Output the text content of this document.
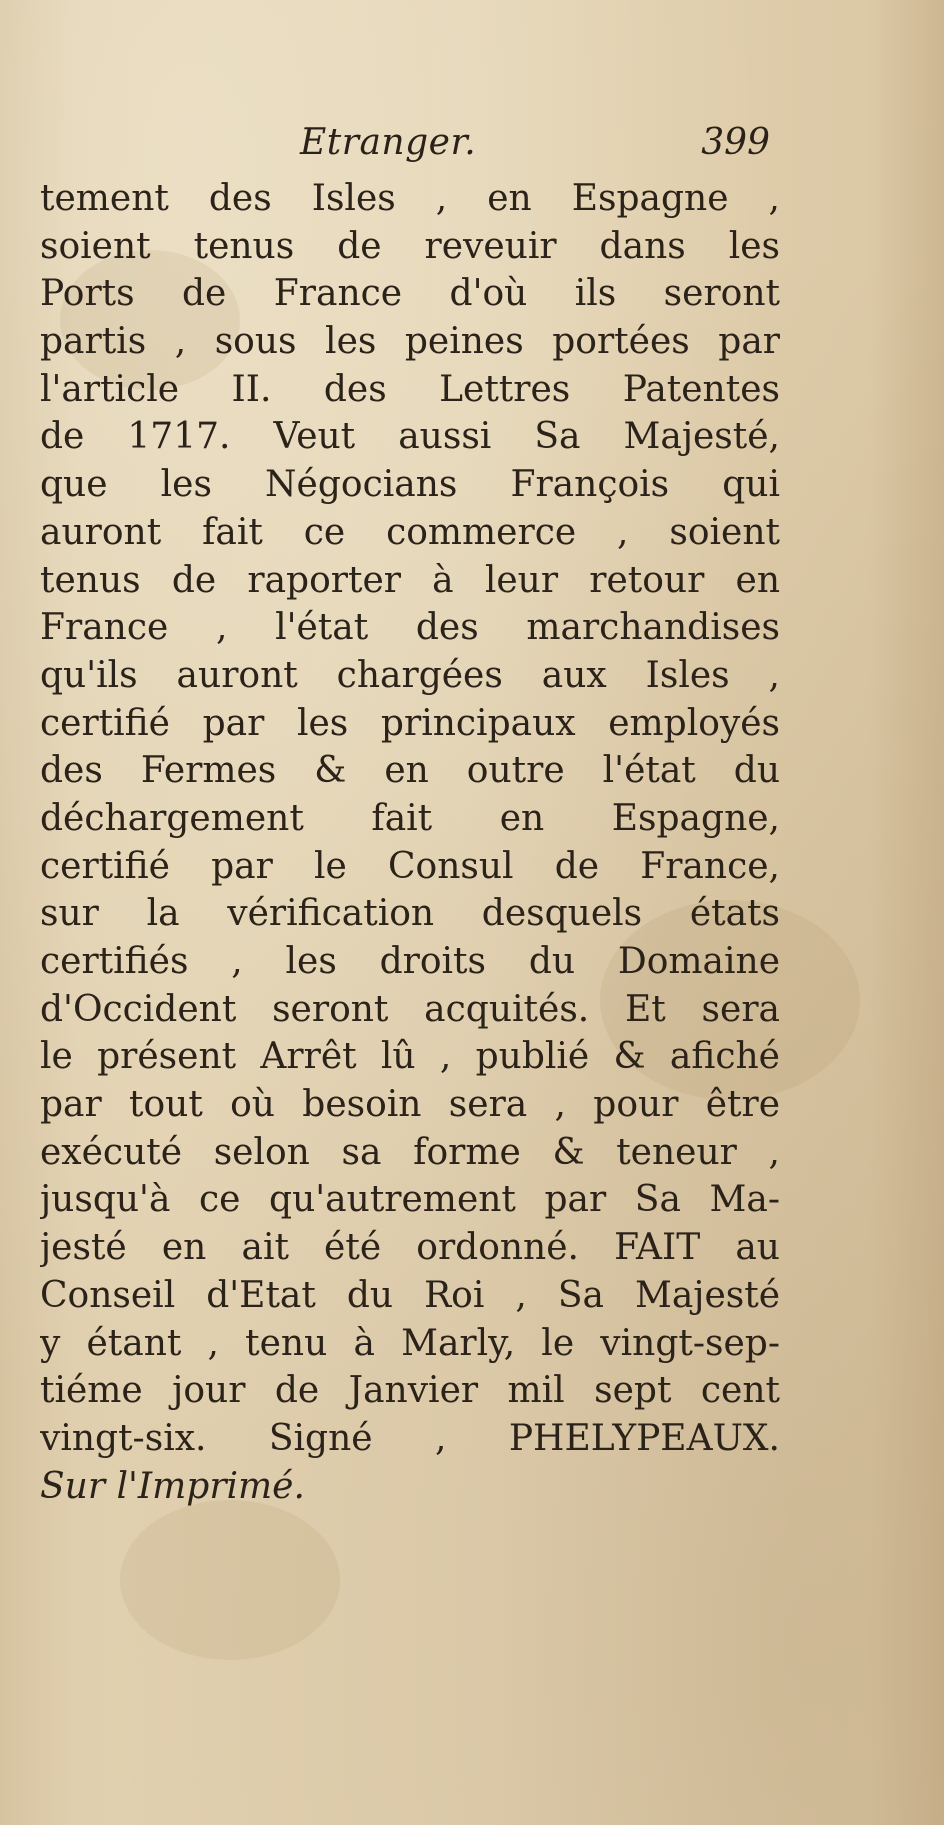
Etranger.	399
tement des Isles , en Espagne ,
soient tenus de reveuir dans les
Ports de France d'où ils seront
partis , sous les peines portées par
l'article II. des Lettres Patentes
de 1717. Veut aussi Sa Majesté,
que les Négocians François qui
auront fait ce commerce , soient
tenus de raporter à leur retour en
France , l'état des marchandises
qu'ils auront chargées aux Isles ,
certifié par les principaux employés
des Fermes & en outre l'état du
déchargement fait en Espagne,
certifié par le Consul de France,
sur la vérification desquels états
certifiés , les droits du Domaine
d'Occident seront acquités. Et sera
le présent Arrêt lû , publié & afiché
par tout où besoin sera , pour être
exécuté selon sa forme & teneur ,
jusqu'à ce qu'autrement par Sa Ma-
jesté en ait été ordonné. FAIT au
Conseil d'Etat du Roi , Sa Majesté
y étant , tenu à Marly, le vingt-sep-
tiéme jour de Janvier mil sept cent
vingt-six. Signé , PHELYPEAUX.
Sur l'Imprimé.
